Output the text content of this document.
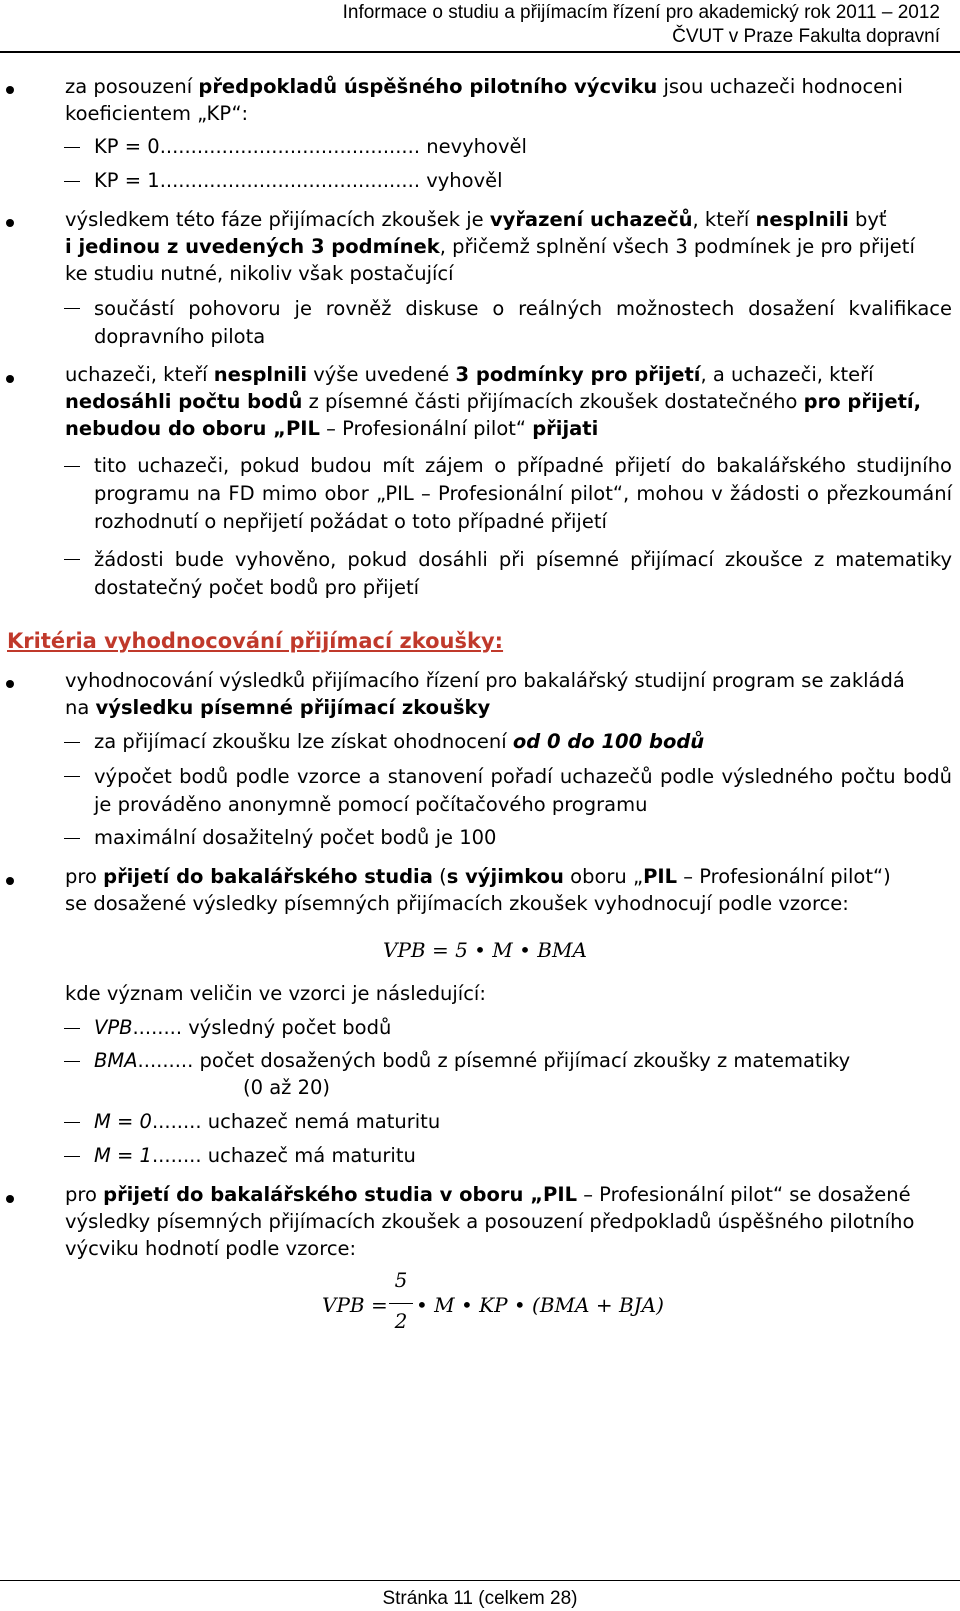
Informace o studiu a přijímacím řízení pro akademický rok 2011 – 2012
ČVUT v Praze Fakulta dopravní

za posouzení předpokladů úspěšného pilotního výcviku jsou uchazeči hodnoceni

koeficientem „KP“:

KP = 0.......................................... nevyhověl

KP = 1.......................................... vyhověl

výsledkem této fáze přijímacích zkoušek je vyřazení uchazečů, kteří nesplnili byť

i jedinou z uvedených 3 podmínek, přičemž splnění všech 3 podmínek je pro přijetí

ke studiu nutné, nikoliv však postačující

součástí pohovoru je rovněž diskuse o reálných možnostech dosažení kvalifikace dopravního pilota

uchazeči, kteří nesplnili výše uvedené 3 podmínky pro přijetí, a uchazeči, kteří

nedosáhli počtu bodů z písemné části přijímacích zkoušek dostatečného pro přijetí,

nebudou do oboru „PIL – Profesionální pilot“ přijati

tito uchazeči, pokud budou mít zájem o případné přijetí do bakalářského studijního programu na FD mimo obor „PIL – Profesionální pilot“, mohou v žádosti o přezkoumání rozhodnutí o nepřijetí požádat o toto případné přijetí

žádosti bude vyhověno, pokud dosáhli při písemné přijímací zkoušce z matematiky dostatečný počet bodů pro přijetí

Kritéria vyhodnocování přijímací zkoušky:

vyhodnocování výsledků přijímacího řízení pro bakalářský studijní program se zakládá

na výsledku písemné přijímací zkoušky

za přijímací zkoušku lze získat ohodnocení od 0 do 100 bodů

výpočet bodů podle vzorce a stanovení pořadí uchazečů podle výsledného počtu bodů je prováděno anonymně pomocí počítačového programu

maximální dosažitelný počet bodů je 100

pro přijetí do bakalářského studia (s výjimkou oboru „PIL – Profesionální pilot“)

se dosažené výsledky písemných přijímacích zkoušek vyhodnocují podle vzorce:

VPB = 5 • M • BMA

kde význam veličin ve vzorci je následující:

VPB........ výsledný počet bodů

BMA......... počet dosažených bodů z písemné přijímací zkoušky z matematiky

(0 až 20)

M = 0........ uchazeč nemá maturitu

M = 1........ uchazeč má maturitu

pro přijetí do bakalářského studia v oboru „PIL – Profesionální pilot“ se dosažené

výsledky písemných přijímacích zkoušek a posouzení předpokladů úspěšného pilotního

výcviku hodnotí podle vzorce:

VPB =
5
2
• M • KP • (BMA + BJA)
Stránka 11 (celkem 28)
